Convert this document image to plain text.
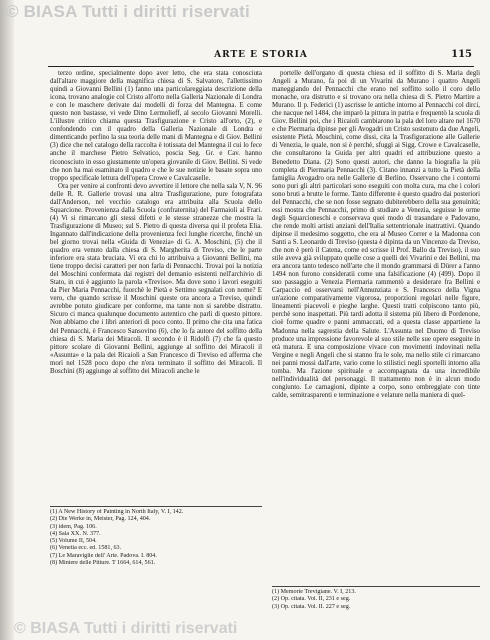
© BIASA Tutti i diritti riservati
ARTE E STORIA	115

terzo ordine, specialmente dopo aver letto, che era stata conosciuta dall'altare maggiore della magnifica chiesa di S. Salvatore, l'allettissimo quindi a Giovanni Bellini (1) fanno una particolareggiata descrizione della icona, trovano analogie col Cristo all'orto nella Galleria Nazionale di Londra e con le maschere derivate dai modelli di forza del Mantegna. E come questo non bastasse, vi vede Dino Lermolieff, al secolo Giovanni Morelli. L'illustre critico chiama questa Trasfigurazione e Cristo all'orto, (2), e confondendo con il quadro della Galleria Nazionale di Londra e dimenticando perfino la sua teoria delle mani di Mantegna e di Giov. Bellini (3) dice che nel catalogo della raccolta è totissata del Mantegna il cui lo fece anche il marchese Pietro Selvatico, poscia Seg. Gr. e Cav. hanno riconosciuto in esso giustamente un'opera giovanile di Giov. Bellini. Si vede che non ha mai esaminato il quadro e che le sue notizie le basate sopra uno troppo specificale lettura dell'opera Crowe e Cavalcaselle.

Ora per venire ai confronti devo avvertire il lettore che nella sala V, N. 96 delle R. R. Gallerie trovasi una altra Trasfigurazione, pure fotografata dall'Anderson, nel vecchio catalogo era attribuita alla Scuola dello Squarcione. Provenienza dalla Scuola (confraternita) del Farmaioli ai Frari. (4) Vi si rimarcano gli stessi difetti e le stesse stranezze che mostra la Trasfigurazione di Museo; sul S. Pietro di questa diversa qui il profeta Elia. Ingannato dall'indicazione della provenienza feci lunghe ricerche, finchè un bel giorno trovai nella «Guida di Venezia» di G. A. Moschini, (5) che il quadro era venuto dalla chiesa di S. Margherita di Treviso, che le parte inferiore era stata bruciata. Vi era chi lo attribuiva a Giovanni Bellini, ma tiene troppo decisi caratteri per non farla di Pennacchi. Trovai poi la notizia del Moschini confermata dai registri del demanio esistenti nell'archivio di Stato, in cui è aggiunto la parola «Treviso». Ma dove sono i lavori eseguiti da Pier Maria Pennacchi, fuorchè le Pietà e Settimo segnalati con nome? E vero, che quando scrisse il Moschini queste ora ancora a Treviso, quindi avrebbe potuto giudicare per conforme, ma tante non si sarebbe distratto. Sicuro ci manca qualunque documento autentico che parli di questo pittore. Non abbiamo che i libri anteriori di poco conto. Il primo che cita una fatica del Pennacchi, è Francesco Sansovino (6), che lo fa autore del soffitto della chiesa di S. Maria dei Miracoli. Il secondo è il Ridolfi (7) che fa questo pittore scolare di Giovanni Bellini, aggiunge al soffitto dei Miracoli il «Assunta» e la pala dei Ricaioli a San Francesco di Treviso ed afferma che morì nel 1528 poco dopo che n'era terminato il soffitto dei Miracoli. Il Boschini (8) aggiunge al soffitto dei Miracoli anche le

portelle dell'organo di questa chiesa ed il soffitto di S. Maria degli Angeli a Murano, fa poi di un Vivarini da Murano i quattro Angeli maneggiando del Pennacchi che erano nel soffitto sollo il coro dello monache, ora distrutto e si trovano ora nella chiesa di S. Pietro Martire a Murano. Il p. Federici (1) ascrisse le antiche intorno al Pennacchi col dirci, che nacque nel 1484, che imparò la pittura in patria e frequentò la scuola di Giov. Bellini poi, che i Ricaioli cambiarono la pala del loro altare nel 1670 e che Piermaria dipinse per gli Avogadri un Cristo sostenuto da due Angeli, esistente Pietà. Moschini, come dissi, cita la Trasfigurazione alle Gallerie di Venezia, le quale, non si è perchè, sfuggì ai Sigg. Crowe e Cavalcaselle, che consultarono la Guida per altri quadri ed attribuzione questo a Benedetto Diana. (2) Sono questi autori, che danno la biografia la più completa di Piermaria Pennacchi (3). Citano innanzi a tutto la Pietà della famiglia Avogadro ora nelle Gallerie di Berlino. Osservano che i contorni sono puri gli altri particolari sono eseguiti con molta cura, ma che i colori sono bruti a brutte le forme. Tanto differente è questo quadro dai posteriori del Pennacchi, che se non fosse segnato dubiterebbero della sua genuinità; essi mostra che Pennacchi, primo di studiare a Venezia, seguisse le orme degli Squarcioneschi e conservava quei modo di trasandare e Padovano, che rende molti artisti anziani dell'Italia settentrionale inattrattivi. Quando dipinse il medesimo soggetto, che era al Museo Correr e la Madonna con Santi a S. Leonardo di Treviso (questa è dipinta da un Vincenzo da Treviso, che non è però il Catena, come ed scrisse il Prof. Ballo da Treviso), il suo stile aveva già sviluppato quelle cose a quelli dei Vivarini e dei Bellini, ma era ancora tanto tedesco nell'arte che il mondo grammarsi di Dürer a l'anno 1494 non furono consideratii come una falsificazione (4) (499). Dopo il suo passaggio a Venezia Piermaria rammentò a desiderare fra Bellini e Carpaccio ed osservarsi nell'Annunziata e S. Francesco della Vigna un'azione comparativamente vigorosa, proporzioni regolari nelle figure, lineamenti piacevoli e pieghe larghe. Questi tratti colpiscono tanto più, perchè sono inaspettati. Più tardi adotta il sistema più libero di Pordenone, cioè forme quadre e panni ammaccati, ed a questa classe appartiene la Madonna nella sagrestia della Salute. L'Assunta nel Duomo di Treviso produce una impressione favorevole al suo stile nelle sue opere eseguite in età matura. E una composizione vivace con movimenti indovinati nella Vergine e negli Angeli che si stanno fra le sole, ma nello stile ci rimarcano nei panni mossi dall'arte, vario come lo stilistici negli sportelli intorno alla tomba. Ma l'azione spirituale e accompagnata da una incredibile nell'individualità del personaggi. Il trattamento non è in alcun modo congiunto. Le carnagioni, dipinte a corpo, sono ombreggiate con tinte calde, semitrasparenti e terminazione e velature nella maniera di quel-

(1) A New History of Painting in North Italy, V. I, 142.
(2) Die Werke in, Meister, Pag. 124, 404.
(3) idem, Pag. 106.
(4) Sala XX. N. 377.
(5) Volume II, 504.
(6) Venetia ecc. ed. 1581, 63.
(7) Le Maraviglie dell' Arte. Padova. I. 804.
(8) Miniere delle Pitture. T 1664, 614, 561.
(1) Memorie Trevigiane. V. I, 213.
(2) Op. citata. Vol. II, 231 e seg.
(3) Op. citata. Vol. II. 227 e seg.
© BIASA Tutti i diritti riservati
